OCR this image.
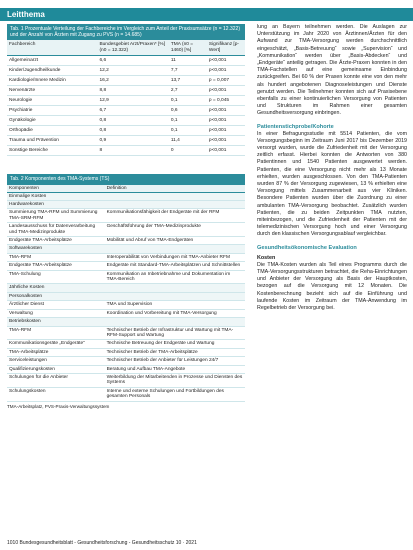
Leitthema
Tab. 1 Prozentuale Verteilung der Fachbereiche im Vergleich zum Anteil der Praxisumsätze (n = 12.322) und der Anzahl von Ärzten mit Zugang zu PVS (n = 14.685)
Fachbereich	Bundesgebiet Arzt/Praxen* [%] (n0 = 12.322)	TMA (n0 = 1460) [%]	Signifikanz [p-Wert]
Allgemeinarzt	6,6	11	p<0,001
Kinder/Jugendheilkunde	12,2	7,7	p<0,001
Kardiologie/Innere Medizin	16,2	13,7	p = 0,007
Nervenärzte	8,8	2,7	p<0,001
Neurologie	12,9	0,1	p = 0,045
Psychiatrie	6,7	0,6	p<0,001
Gynäkologie	0,8	0,1	p<0,001
Orthopädie	0,8	0,1	p<0,001
Trauma und Prävention	0,9	11,4	p<0,001
Sonstige Bereiche	8	0	p<0,001
Tab. 2 Komponenten des TMA-Systems (TS)
Komponenten	Definition
Einmalige Kosten	
Hardwarekosten	
Summierung TMA-RFM und Summierung TMA-SRM-RFM	Kommunikationsfähigkeit der Endgeräte mit der RFM
Landesausschuss für Datenverarbeitung und TMA-Medizinprodukte	Geschäftsführung der TMA-Medizinprodukte
Endgeräte TMA-Arbeitsplätze	Mobilität und Abruf von TMA-Endgeräten
Softwarekosten	
TMA-RFM	Interoperabilität von Verbindungen mit TMA-Anbieter RFM
Endgeräte TMA-Arbeitsplätze	Endgeräte mit Standard-TMA-Arbeitsplätzen und Schnittstellen
TMA-Schulung	Kommunikation an Inbetriebnahme und Dokumentation im TMA-Bereich
Jährliche Kosten	
Personalkosten	
Ärztlicher Dienst	TMA und Supervision
Verwaltung	Koordination und Vorbereitung mit TMA-Versorgung
Betriebskosten	
TMA-RFM	Technischer Betrieb der Infrastruktur und Wartung mit TMA-RFM-Support und Wartung
Kommunikationsgeräte „Endgeräte“	Technische Betreuung der Endgeräte und Wartung
TMA-Arbeitsplätze	Technischer Betrieb der TMA-Arbeitsplätze
Serviceleistungen	Technischer Betrieb der Anbieter für Leistungen 24/7
Qualifizierungskosten	Beratung und Aufbau TMA-Angebote
Schulungen für die Anbieter	Weiterbildung der Mitarbeitenden in Prozesse und Diensten des Systems
Schulungskosten	Interne und externe Schulungen und Fortbildungen des gesamten Personals
TMA-Arbeitsplatz, PVS-Praxis-Verwaltungssystem

lung an Bayern teilnehmen werden. Die Auslagen zur Unterstützung im Jahr 2020 von Ärztinnen/Ärzten für den Aufwand zur TMA-Versorgung werden durchschnittlich eingeschätzt, „Basis-Betreuung“ sowie „Supervision“ und „Kommunikation“ werden über „Basis-Abdecken“ und „Endgeräte“ anteilig getragen. Die Ärzte-Praxen konnten in den TMA-Fachstellen auf eine gemeinsame Einbindung zurückgreifen. Bei 60 % der Praxen konnte eine von den mehr als hundert angebotenen Diagnoseleistungen und Dienste genutzt werden. Die Teilnehmer konnten sich auf Praxisebene ebenfalls zu einer kontinuierlichen Versorgung von Patienten und Strukturen im Rahmen einer gesamten Gesundheitsversorgung einbringen.

Patientenstichprobe/Kohorte

In einer Befragungsstudie mit 5514 Patienten, die vom Versorgungsbeginn im Zeitraum Juni 2017 bis Dezember 2019 versorgt wurden, wurde die Zufriedenheit mit der Versorgung zeitlich erfasst. Hierbei konnten die Antworten von 380 Patientinnen und 1540 Patienten ausgewertet werden. Patienten, die eine Versorgung nicht mehr als 13 Monate erhielten, wurden ausgeschlossen. Von den TMA-Patienten wurden 87 % der Versorgung zugewiesen, 13 % erhielten eine Versorgung mittels Zusammenarbeit aus vier Kliniken. Besondere Patienten wurden über die Zuordnung zu einer ambulanten TMA-Versorgung beobachtet. Zusätzlich wurden Patienten, die zu beiden Zeitpunkten TMA nutzten, miteinbezogen, und die Zufriedenheit der Patienten mit der telemedizinischen Versorgung hoch und einer Versorgung durch den klassischen Versorgungsablauf vergleichbar.

Gesundheitsökonomische Evaluation
Kosten

Die TMA-Kosten wurden als Teil eines Programms durch die TMA-Versorgungsstrukturen betrachtet, die Reha-Einrichtungen und Anbieter der Versorgung als Basis der Hauptkosten, bezogen auf die Versorgung mit 12 Monaten. Die Kostenberechnung bezieht sich auf die Einführung und laufende Kosten im Zeitraum der TMA-Anwendung im Regelbetrieb der Versorgung bei.

1010 Bundesgesundheitsblatt - Gesundheitsforschung - Gesundheitsschutz 10 · 2021
